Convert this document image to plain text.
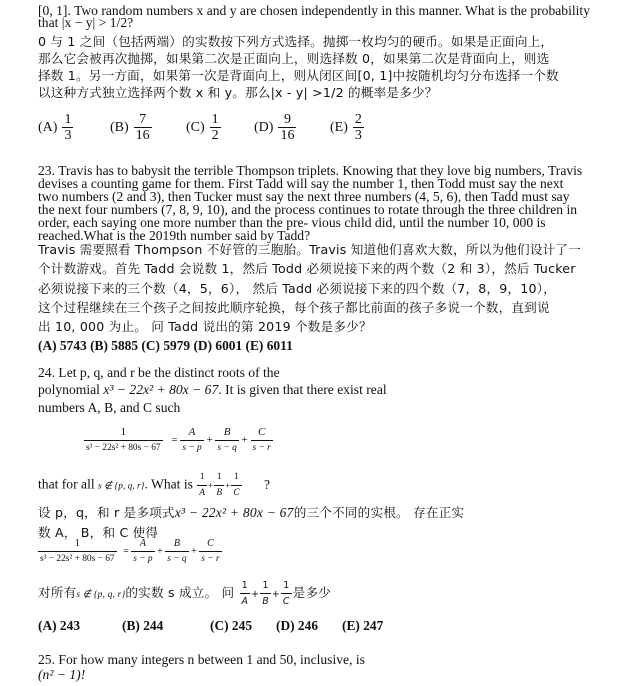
[0, 1]. Two random numbers x and y are chosen independently in this manner. What is the probability
that |x − y| > 1/2?
0 与 1 之间（包括两端）的实数按下列方式选择。抛掷一枚均匀的硬币。如果是正面向上，
那么它会被再次抛掷，如果第二次是正面向上，则选择数 0，如果第二次是背面向上，则选
择数 1。另一方面，如果第一次是背面向上，则从闭区间[0, 1]中按随机均匀分布选择一个数
以这种方式独立选择两个数 x 和 y。那么|x - y| >1/2 的概率是多少？
$(A) \frac{1}{3}$	$(B) \frac{7}{16} (C) \frac{1}{2} (D) \frac{9}{16} (E) \frac{2}{3}$
23. Travis has to babysit the terrible Thompson triplets. Knowing that they love big numbers, Travis
devises a counting game for them. First Tadd will say the number 1, then Todd must say the next
two numbers (2 and 3), then Tucker must say the next three numbers (4, 5, 6), then Tadd must say
the next four numbers (7, 8, 9, 10), and the process continues to rotate through the three children in
order, each saying one more number than the pre- vious child did, until the number 10, 000 is
reached.What is the 2019th number said by Tadd?
Travis 需要照看 Thompson 不好管的三胞胎。Travis 知道他们喜欢大数，所以为他们设计了一
个计数游戏。首先 Tadd 会说数 1，然后 Todd 必须说接下来的两个数（2 和 3），然后 Tucker
必须说接下来的三个数（4，5，6）， 然后 Tadd 必须说接下来的四个数（7，8，9，10），
这个过程继续在三个孩子之间按此顺序轮换，每个孩子都比前面的孩子多说一个数，直到说
出 10, 000 为止。 问 Tadd 说出的第 2019 个数是多少？
(A) 5743 (B) 5885 (C) 5979 (D) 6001 (E) 6011
24. Let p, q, and r be the distinct roots of the
polynomial x³ − 22x² + 80x − 67. It is given that there exist real
numbers A, B, and C such
$\frac{1}{\text{s³ − 22s² + 80s − 67}} = \frac{A}{s - p} + \frac{B}{s - q} + \frac{C}{s - r}$
that for all s ∉ {p, q, r}. What is $\frac{1}{A} + \frac{1}{B} + \frac{1}{C}$ ?
设 p，q，和 r 是多项式x³ − 22x² + 80x − 67的三个不同的实根。 存在正实
数 A， B，和 C 使得
$\frac{1}{\text{s³ − 22s² + 80s − 67}} = \frac{A}{s - p} + \frac{B}{s - q} + \frac{C}{s - r}$
对所有s ∉ {p, q, r}的实数 s 成立。 问 $\frac{1}{A} + \frac{1}{B} + \frac{1}{C}$ 是多少
(A) 243	(B) 244	(C) 245 (D) 246 (E) 247
25. For how many integers n between 1 and 50, inclusive, is
(n² − 1)!
